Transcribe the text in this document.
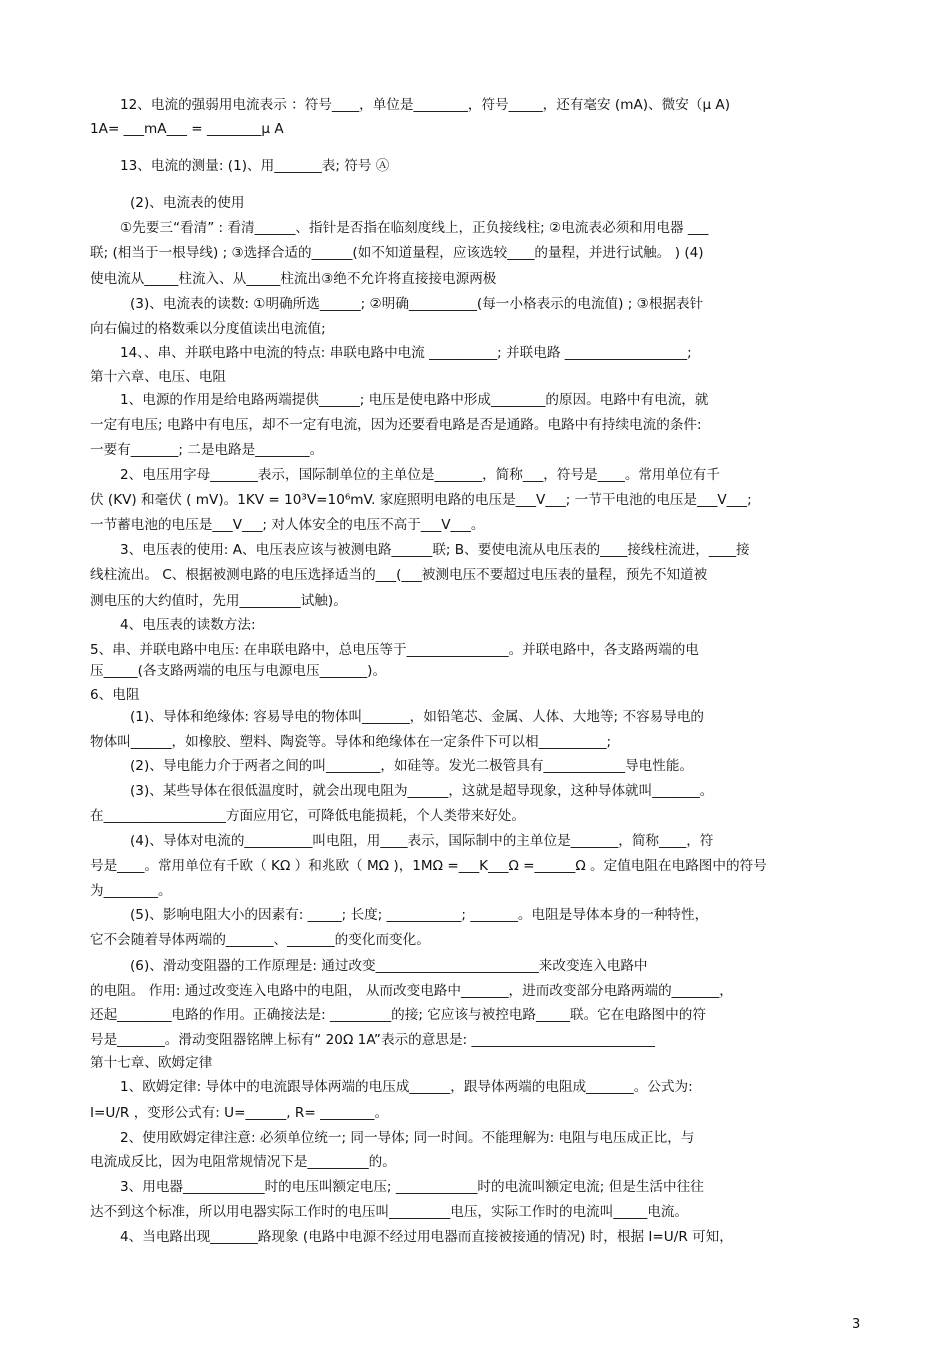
12、电流的强弱用电流表示 ：符号____，单位是________，符号_____，还有毫安 (mA)、微安（μ A)
1A= ___mA___ = ________μ A
13、电流的测量: (1)、用_______表; 符号 Ⓐ
(2)、电流表的使用
①先要三“看清” : 看清______、指针是否指在临刻度线上，正负接线柱; ②电流表必须和用电器 ___
联; (相当于一根导线) ; ③选择合适的______(如不知道量程，应该选较____的量程，并进行试触。 ) (4)
使电流从_____柱流入、从_____柱流出③绝不允许将直接接电源两极
(3)、电流表的读数: ①明确所选______; ②明确__________(每一小格表示的电流值) ; ③根据表针
向右偏过的格数乘以分度值读出电流值;
14、、串、并联电路中电流的特点: 串联电路中电流 __________; 并联电路 __________________;
第十六章、电压、电阻
1、电源的作用是给电路两端提供______; 电压是使电路中形成________的原因。电路中有电流，就
一定有电压; 电路中有电压，却不一定有电流，因为还要看电路是否是通路。电路中有持续电流的条件:
一要有_______; 二是电路是________。
2、电压用字母_______表示，国际制单位的主单位是_______，简称___，符号是____。常用单位有千
伏 (KV) 和毫伏 ( mV)。1KV = 10³V=10⁶mV. 家庭照明电路的电压是___V___; 一节干电池的电压是___V___;
一节蓄电池的电压是___V___; 对人体安全的电压不高于___V___。
3、电压表的使用: A、电压表应该与被测电路______联; B、要使电流从电压表的____接线柱流进，____接
线柱流出。 C、根据被测电路的电压选择适当的___(___被测电压不要超过电压表的量程，预先不知道被
测电压的大约值时，先用_________试触)。
4、电压表的读数方法:
5、串、并联电路中电压: 在串联电路中，总电压等于_______________。并联电路中，各支路两端的电
压_____(各支路两端的电压与电源电压_______)。
6、电阻
(1)、导体和绝缘体: 容易导电的物体叫_______，如铅笔芯、金属、人体、大地等; 不容易导电的
物体叫______，如橡胶、塑料、陶瓷等。导体和绝缘体在一定条件下可以相__________;
(2)、导电能力介于两者之间的叫________，如硅等。发光二极管具有____________导电性能。
(3)、某些导体在很低温度时，就会出现电阻为______，这就是超导现象，这种导体就叫_______。
在__________________方面应用它，可降低电能损耗，个人类带来好处。
(4)、导体对电流的__________叫电阻，用____表示，国际制中的主单位是_______，简称____，符
号是____。常用单位有千欧（ KΩ ）和兆欧（ MΩ )，1MΩ =___K___Ω =______Ω 。定值电阻在电路图中的符号
为________。
(5)、影响电阻大小的因素有: _____; 长度; ___________; _______。电阻是导体本身的一种特性，
它不会随着导体两端的_______、_______的变化而变化。
(6)、滑动变阻器的工作原理是: 通过改变________________________来改变连入电路中
的电阻。 作用: 通过改变连入电路中的电阻， 从而改变电路中_______，进而改变部分电路两端的_______，
还起________电路的作用。正确接法是: _________的接; 它应该与被控电路_____联。它在电路图中的符
号是_______。滑动变阻器铭牌上标有“ 20Ω 1A”表示的意思是: ___________________________
第十七章、欧姆定律
1、欧姆定律: 导体中的电流跟导体两端的电压成______，跟导体两端的电阻成_______。公式为:
I=U/R ，变形公式有: U=______, R= ________。
2、使用欧姆定律注意: 必须单位统一; 同一导体; 同一时间。不能理解为: 电阻与电压成正比，与
电流成反比，因为电阻常规情况下是_________的。
3、用电器____________时的电压叫额定电压; ____________时的电流叫额定电流; 但是生活中往往
达不到这个标准，所以用电器实际工作时的电压叫_________电压，实际工作时的电流叫_____电流。
4、当电路出现_______路现象 (电路中电源不经过用电器而直接被接通的情况) 时，根据 I=U/R 可知，
3
